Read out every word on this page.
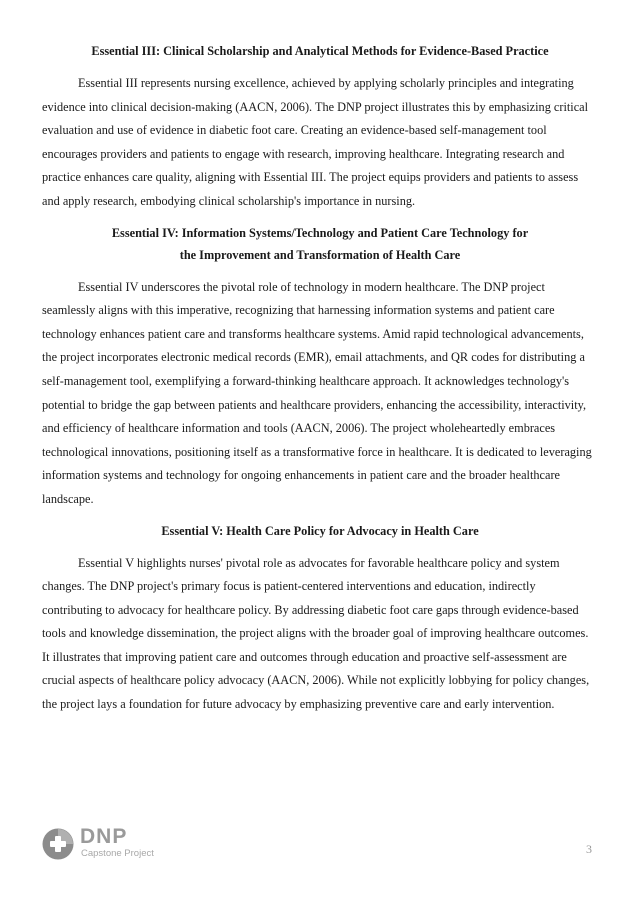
Essential III: Clinical Scholarship and Analytical Methods for Evidence-Based Practice

Essential III represents nursing excellence, achieved by applying scholarly principles and integrating evidence into clinical decision-making (AACN, 2006). The DNP project illustrates this by emphasizing critical evaluation and use of evidence in diabetic foot care. Creating an evidence-based self-management tool encourages providers and patients to engage with research, improving healthcare. Integrating research and practice enhances care quality, aligning with Essential III. The project equips providers and patients to assess and apply research, embodying clinical scholarship's importance in nursing.

Essential IV: Information Systems/Technology and Patient Care Technology for
the Improvement and Transformation of Health Care

Essential IV underscores the pivotal role of technology in modern healthcare. The DNP project seamlessly aligns with this imperative, recognizing that harnessing information systems and patient care technology enhances patient care and transforms healthcare systems. Amid rapid technological advancements, the project incorporates electronic medical records (EMR), email attachments, and QR codes for distributing a self-management tool, exemplifying a forward-thinking healthcare approach. It acknowledges technology's potential to bridge the gap between patients and healthcare providers, enhancing the accessibility, interactivity, and efficiency of healthcare information and tools (AACN, 2006). The project wholeheartedly embraces technological innovations, positioning itself as a transformative force in healthcare. It is dedicated to leveraging information systems and technology for ongoing enhancements in patient care and the broader healthcare landscape.

Essential V: Health Care Policy for Advocacy in Health Care

Essential V highlights nurses' pivotal role as advocates for favorable healthcare policy and system changes. The DNP project's primary focus is patient-centered interventions and education, indirectly contributing to advocacy for healthcare policy. By addressing diabetic foot care gaps through evidence-based tools and knowledge dissemination, the project aligns with the broader goal of improving healthcare outcomes. It illustrates that improving patient care and outcomes through education and proactive self-assessment are crucial aspects of healthcare policy advocacy (AACN, 2006). While not explicitly lobbying for policy changes, the project lays a foundation for future advocacy by emphasizing preventive care and early intervention.

DNP
Capstone Project	3
